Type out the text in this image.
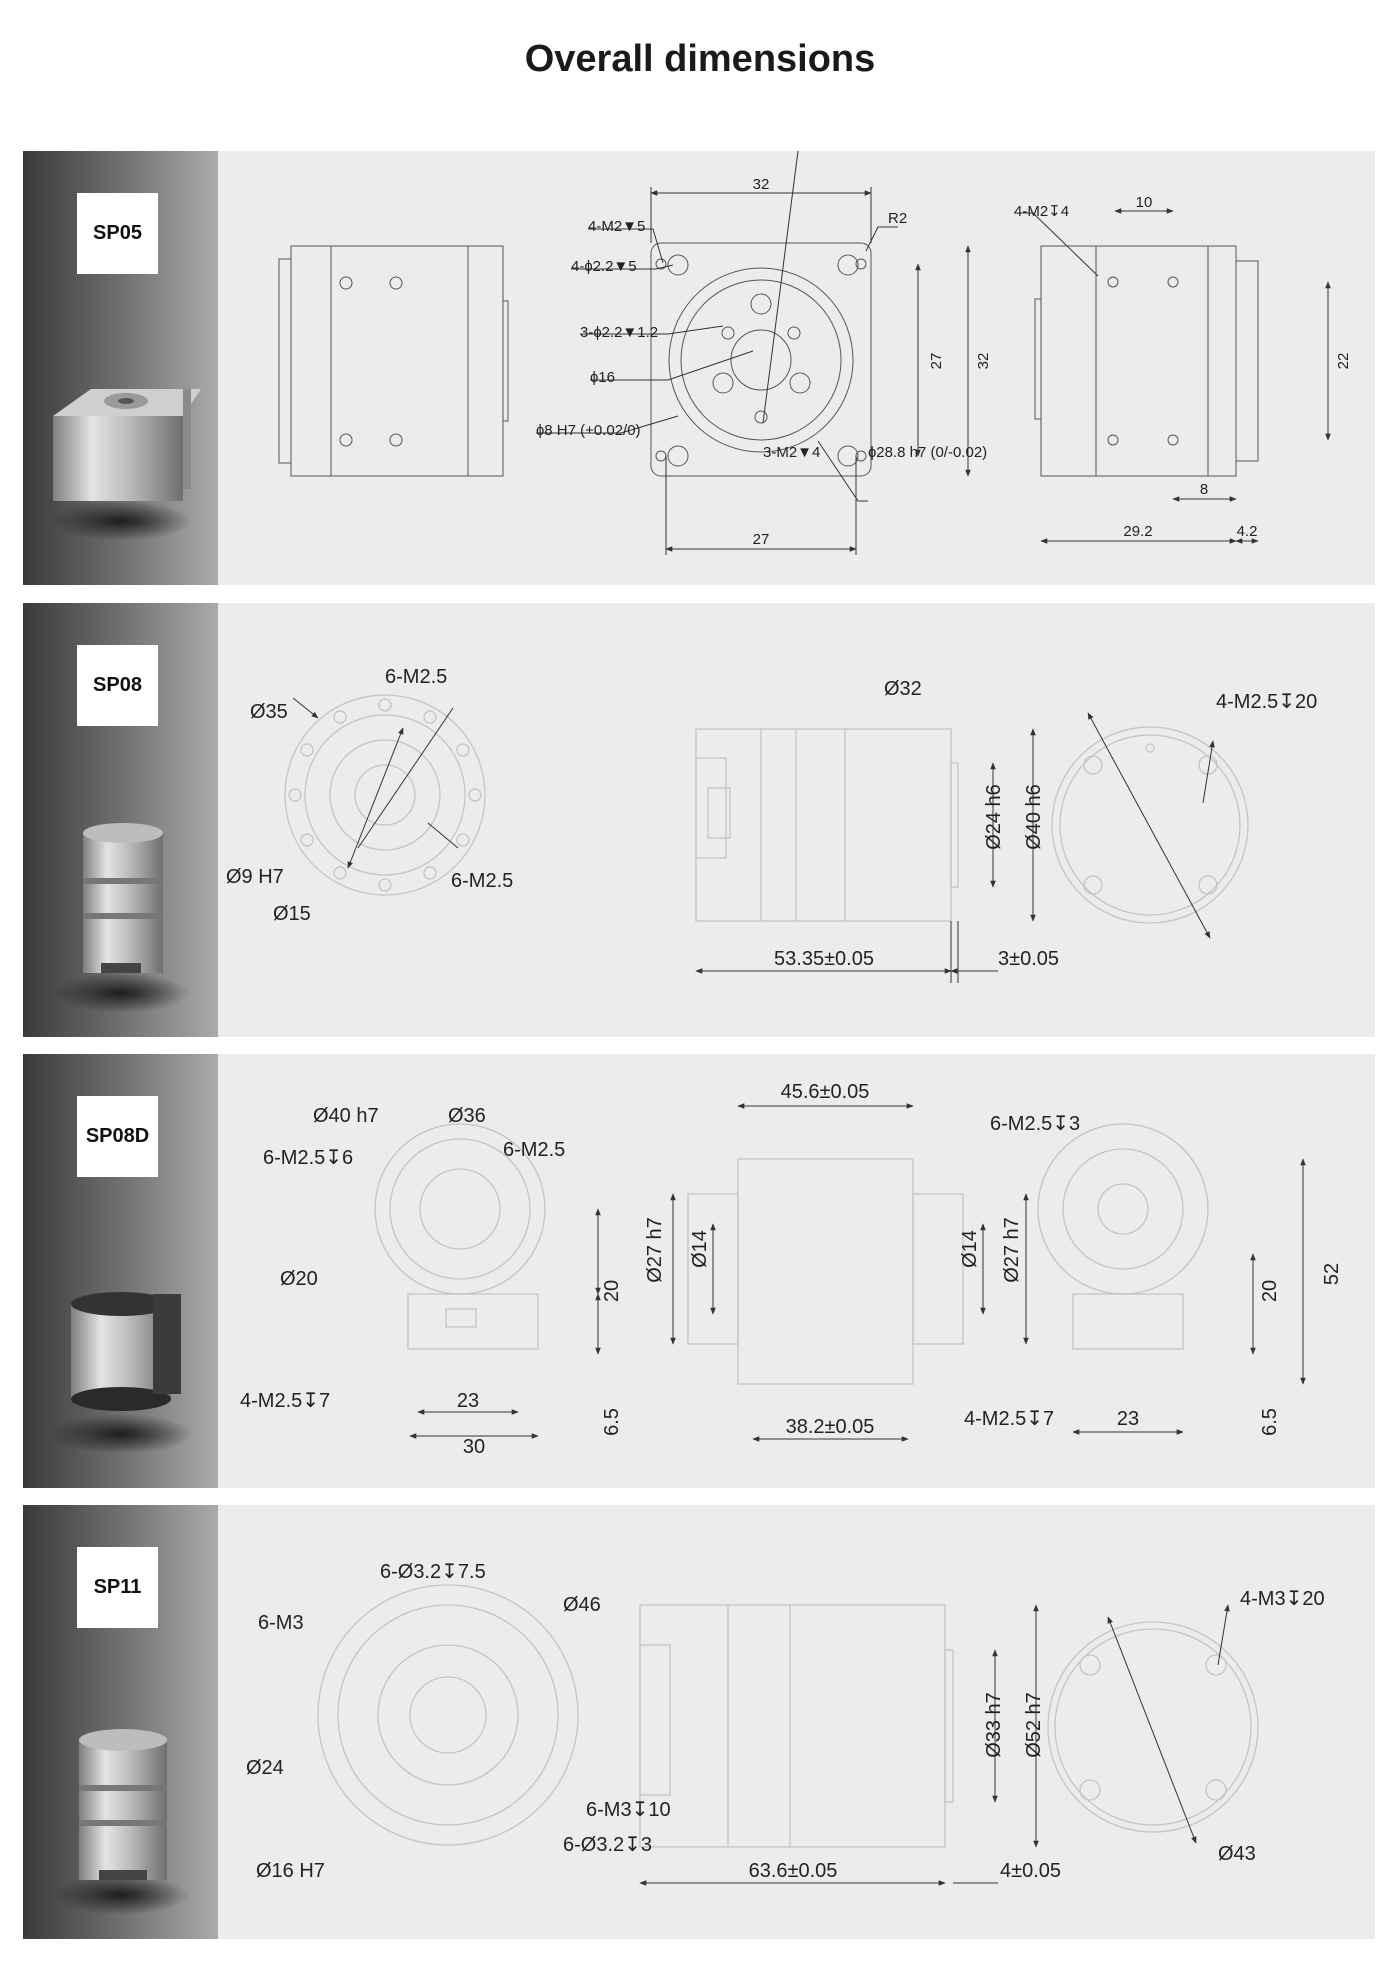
Overall dimensions
SP05
32
R2
4-M2▼5
4-ɸ2.2▼5
3-ɸ2.2▼1.2
ɸ16
ɸ8 H7 (+0.02/0)
3-M2▼4	ɸ28.8 h7 (0/-0.02)
27
27 32
4-M2↧4
10
22
8
29.2	4.2
SP08
Ø35
6-M2.5
Ø9 H7	6-M2.5
Ø15
Ø24 h6 Ø40 h6
53.35±0.05	3±0.05
Ø32
4-M2.5↧20
SP08D
Ø40 h7	Ø36
6-M2.5↧6	6-M2.5
Ø20
20
4-M2.5↧7	23
6.5
30
45.6±0.05
Ø27 h7 Ø14	Ø14 Ø27 h7
38.2±0.05
6-M2.5↧3
52
20
4-M2.5↧7	23	6.5
SP11
6-Ø3.2↧7.5
6-M3
Ø46
Ø24
6-M3↧10
Ø16 H7
6-Ø3.2↧3
Ø33 h7 Ø52 h7
63.6±0.05	4±0.05
4-M3↧20
Ø43
